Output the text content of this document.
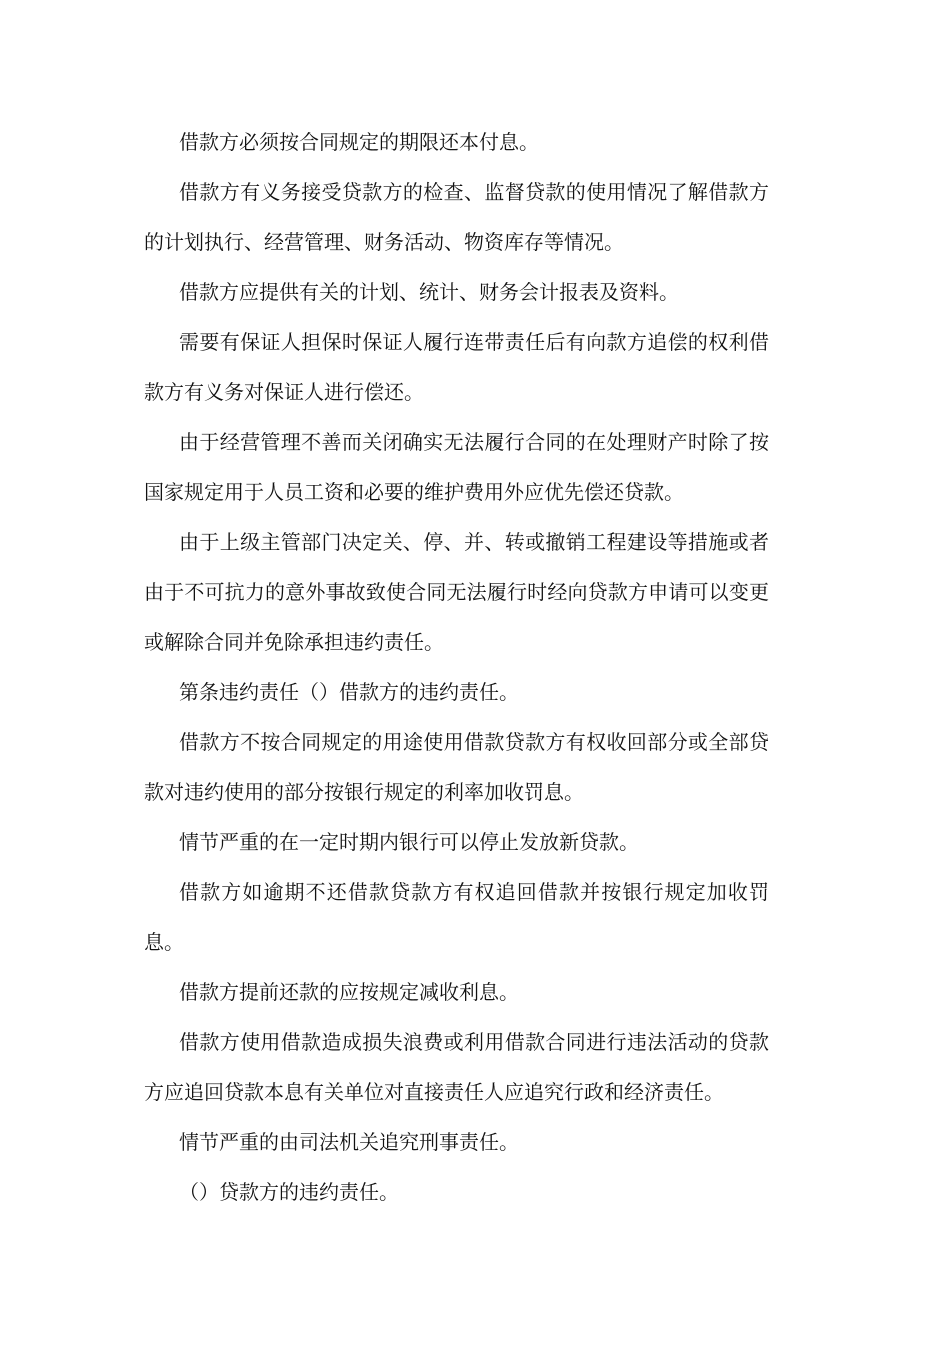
借款方必须按合同规定的期限还本付息。

借款方有义务接受贷款方的检查、监督贷款的使用情况了解借款方的计划执行、经营管理、财务活动、物资库存等情况。

借款方应提供有关的计划、统计、财务会计报表及资料。

需要有保证人担保时保证人履行连带责任后有向款方追偿的权利借款方有义务对保证人进行偿还。

由于经营管理不善而关闭确实无法履行合同的在处理财产时除了按国家规定用于人员工资和必要的维护费用外应优先偿还贷款。

由于上级主管部门决定关、停、并、转或撤销工程建设等措施或者由于不可抗力的意外事故致使合同无法履行时经向贷款方申请可以变更或解除合同并免除承担违约责任。

第条违约责任（）借款方的违约责任。

借款方不按合同规定的用途使用借款贷款方有权收回部分或全部贷款对违约使用的部分按银行规定的利率加收罚息。

情节严重的在一定时期内银行可以停止发放新贷款。

借款方如逾期不还借款贷款方有权追回借款并按银行规定加收罚息。

借款方提前还款的应按规定减收利息。

借款方使用借款造成损失浪费或利用借款合同进行违法活动的贷款方应追回贷款本息有关单位对直接责任人应追究行政和经济责任。

情节严重的由司法机关追究刑事责任。

（）贷款方的违约责任。
